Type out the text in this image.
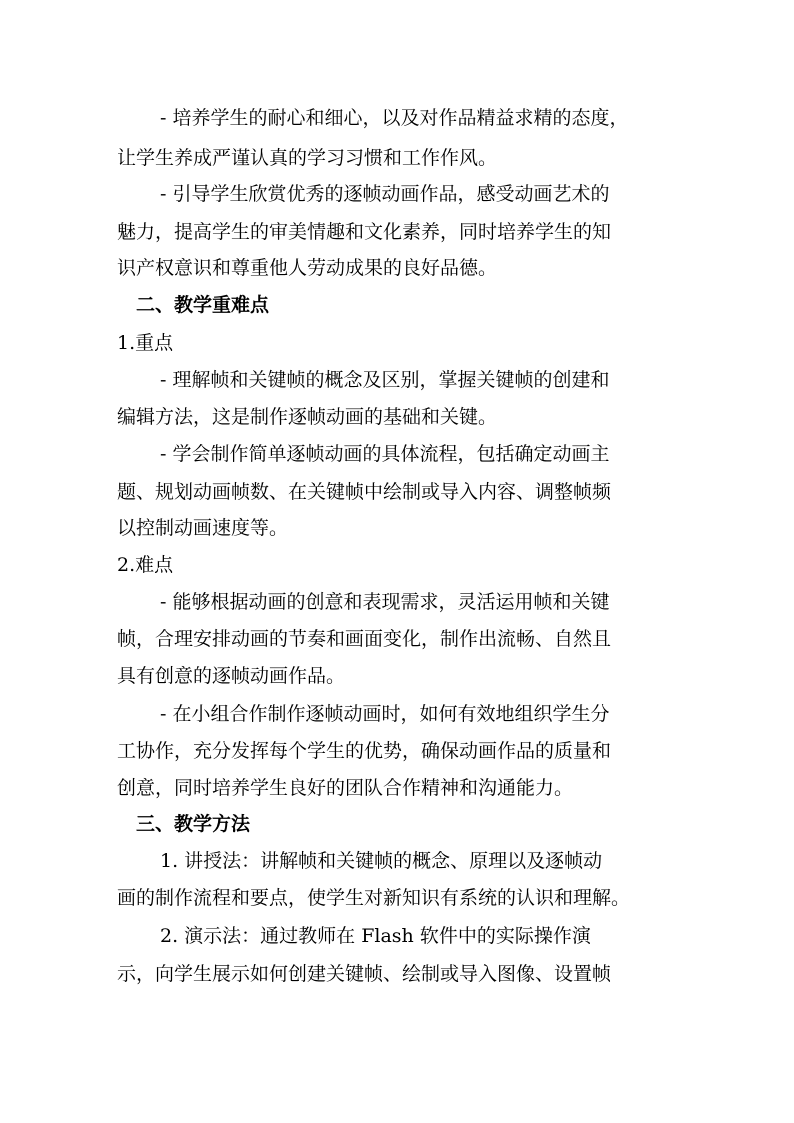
- 培养学生的耐心和细心，以及对作品精益求精的态度，

让学生养成严谨认真的学习习惯和工作作风。

- 引导学生欣赏优秀的逐帧动画作品，感受动画艺术的

魅力，提高学生的审美情趣和文化素养，同时培养学生的知

识产权意识和尊重他人劳动成果的良好品德。

二、教学重难点

1.重点

- 理解帧和关键帧的概念及区别，掌握关键帧的创建和

编辑方法，这是制作逐帧动画的基础和关键。

- 学会制作简单逐帧动画的具体流程，包括确定动画主

题、规划动画帧数、在关键帧中绘制或导入内容、调整帧频

以控制动画速度等。

2.难点

- 能够根据动画的创意和表现需求，灵活运用帧和关键

帧，合理安排动画的节奏和画面变化，制作出流畅、自然且

具有创意的逐帧动画作品。

- 在小组合作制作逐帧动画时，如何有效地组织学生分

工协作，充分发挥每个学生的优势，确保动画作品的质量和

创意，同时培养学生良好的团队合作精神和沟通能力。

三、教学方法

1. 讲授法：讲解帧和关键帧的概念、原理以及逐帧动

画的制作流程和要点，使学生对新知识有系统的认识和理解。

2. 演示法：通过教师在 Flash 软件中的实际操作演

示，向学生展示如何创建关键帧、绘制或导入图像、设置帧
